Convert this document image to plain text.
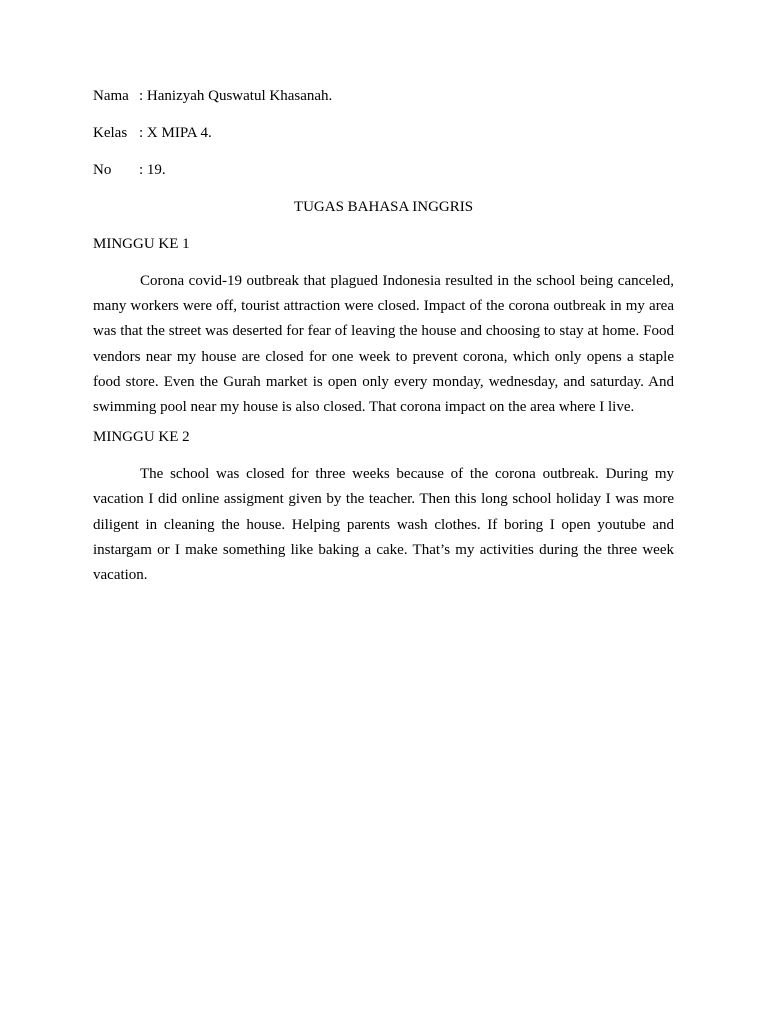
Nama : Hanizyah Quswatul Khasanah.
Kelas : X MIPA 4.
No	: 19.
TUGAS BAHASA INGGRIS
MINGGU KE 1

Corona covid-19 outbreak that plagued Indonesia resulted in the school being canceled, many workers were off, tourist attraction were closed. Impact of the corona outbreak in my area was that the street was deserted for fear of leaving the house and choosing to stay at home. Food vendors near my house are closed for one week to prevent corona, which only opens a staple food store. Even the Gurah market is open only every monday, wednesday, and saturday. And swimming pool near my house is also closed. That corona impact on the area where I live.

MINGGU KE 2

The school was closed for three weeks because of the corona outbreak. During my vacation I did online assigment given by the teacher. Then this long school holiday I was more diligent in cleaning the house. Helping parents wash clothes. If boring I open youtube and instargam or I make something like baking a cake. That’s my activities during the three week vacation.
